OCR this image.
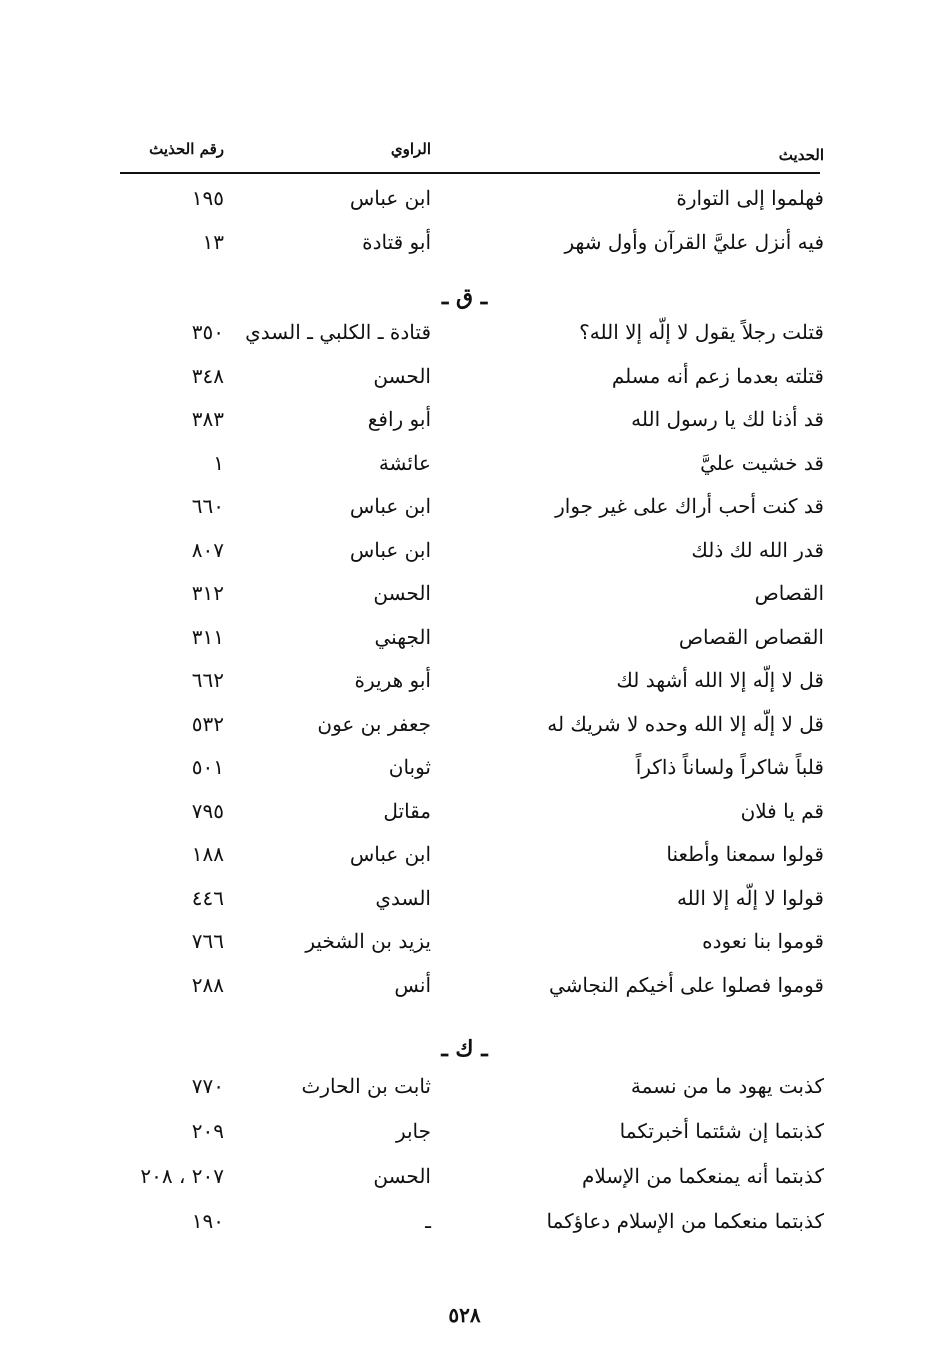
الحديث
الراوي
رقم الحذيث
فهلموا إلى التوارة
ابن عباس
١٩٥
فيه أنزل عليَّ القرآن وأول شهر
أبو قتادة
١٣
ـ ق ـ
قتلت رجلاً يقول لا إلّه إلا الله؟
قتادة ـ الكلبي ـ السدي
٣٥٠
قتلته بعدما زعم أنه مسلم
الحسن
٣٤٨
قد أذنا لك يا رسول الله
أبو رافع
٣٨٣
قد خشيت عليَّ
عائشة
١
قد كنت أحب أراك على غير جوار
ابن عباس
٦٦٠
قدر الله لك ذلك
ابن عباس
٨٠٧
القصاص
الحسن
٣١٢
القصاص القصاص
الجهني
٣١١
قل لا إلّه إلا الله أشهد لك
أبو هريرة
٦٦٢
قل لا إلّه إلا الله وحده لا شريك له
جعفر بن عون
٥٣٢
قلباً شاكراً ولساناً ذاكراً
ثوبان
٥٠١
قم يا فلان
مقاتل
٧٩٥
قولوا سمعنا وأطعنا
ابن عباس
١٨٨
قولوا لا إلّه إلا الله
السدي
٤٤٦
قوموا بنا نعوده
يزيد بن الشخير
٧٦٦
قوموا فصلوا على أخيكم النجاشي
أنس
٢٨٨
ـ ك ـ
كذبت يهود ما من نسمة
ثابت بن الحارث
٧٧٠
كذبتما إن شئتما أخبرتكما
جابر
٢٠٩
كذبتما أنه يمنعكما من الإسلام
الحسن
٢٠٧ ، ٢٠٨
كذبتما منعكما من الإسلام دعاؤكما
ـ
١٩٠
٥٢٨
